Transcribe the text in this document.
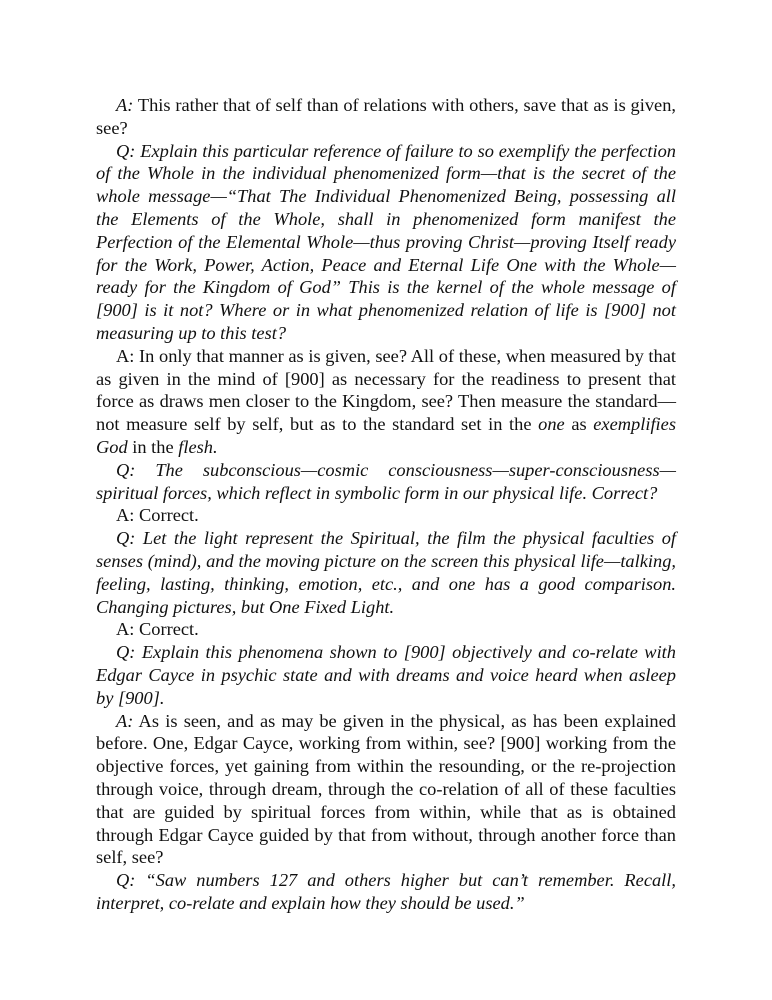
A: This rather that of self than of relations with others, save that as is given, see?

Q: Explain this particular reference of failure to so exemplify the perfection of the Whole in the individual phenomenized form—that is the secret of the whole message—“That The Individual Phenomenized Being, possessing all the Elements of the Whole, shall in phenomenized form manifest the Perfection of the Elemental Whole—thus proving Christ—proving Itself ready for the Work, Power, Action, Peace and Eternal Life One with the Whole—ready for the Kingdom of God” This is the kernel of the whole message of [900] is it not? Where or in what phenomenized relation of life is [900] not measuring up to this test?

A: In only that manner as is given, see? All of these, when measured by that as given in the mind of [900] as necessary for the readiness to present that force as draws men closer to the Kingdom, see? Then measure the standard—not measure self by self, but as to the standard set in the one as exemplifies God in the flesh.

Q: The subconscious—cosmic consciousness—super-consciousness—spiritual forces, which reflect in symbolic form in our physical life. Correct?

A: Correct.

Q: Let the light represent the Spiritual, the film the physical faculties of senses (mind), and the moving picture on the screen this physical life—talking, feeling, lasting, thinking, emotion, etc., and one has a good comparison. Changing pictures, but One Fixed Light.

A: Correct.

Q: Explain this phenomena shown to [900] objectively and co-relate with Edgar Cayce in psychic state and with dreams and voice heard when asleep by [900].

A: As is seen, and as may be given in the physical, as has been explained before. One, Edgar Cayce, working from within, see? [900] working from the objective forces, yet gaining from within the resounding, or the re-projection through voice, through dream, through the co-relation of all of these faculties that are guided by spiritual forces from within, while that as is obtained through Edgar Cayce guided by that from without, through another force than self, see?

Q: “Saw numbers 127 and others higher but can’t remember. Recall, interpret, co-relate and explain how they should be used.”
